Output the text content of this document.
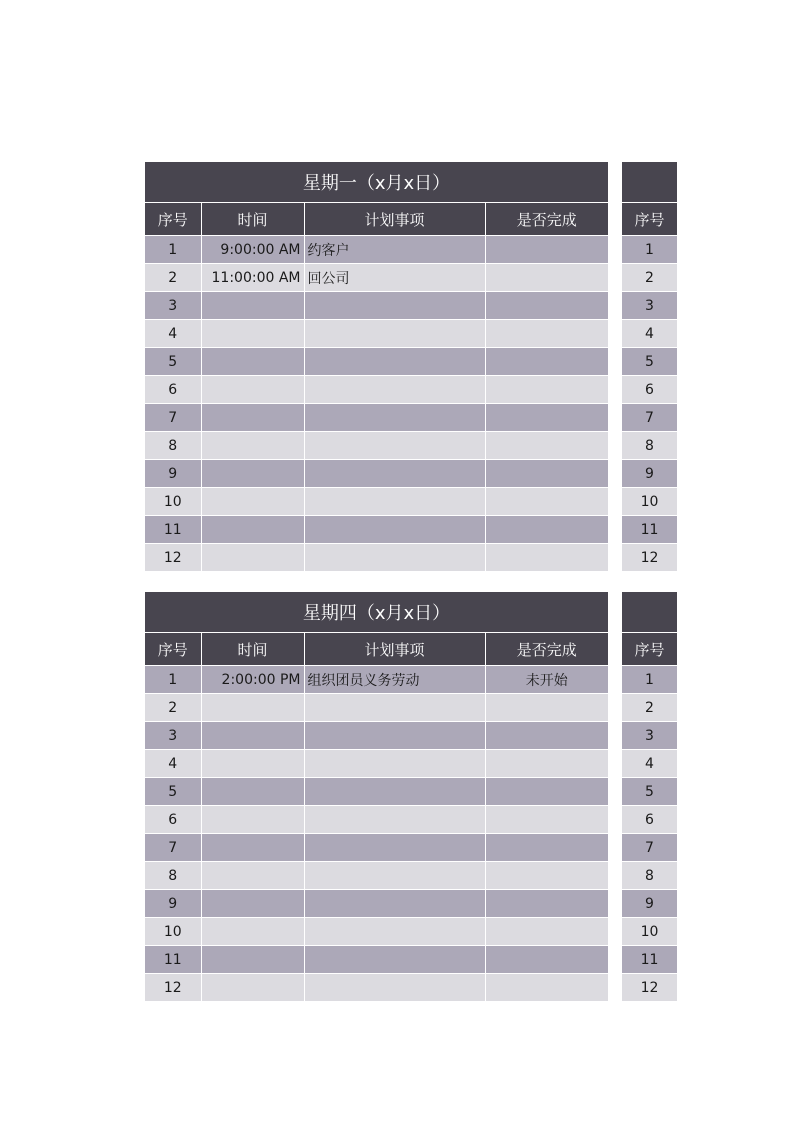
星期一（x月x日）
序号	时间	计划事项	是否完成
1	9:00:00 AM	约客户	
2	11:00:00 AM	回公司	
3			
4			
5			
6			
7			
8			
9			
10			
11			
12			
序号
1
2
3
4
5
6
7
8
9
10
11
12
星期四（x月x日）
序号	时间	计划事项	是否完成
1	2:00:00 PM	组织团员义务劳动	未开始
2			
3			
4			
5			
6			
7			
8			
9			
10			
11			
12			
序号
1
2
3
4
5
6
7
8
9
10
11
12
